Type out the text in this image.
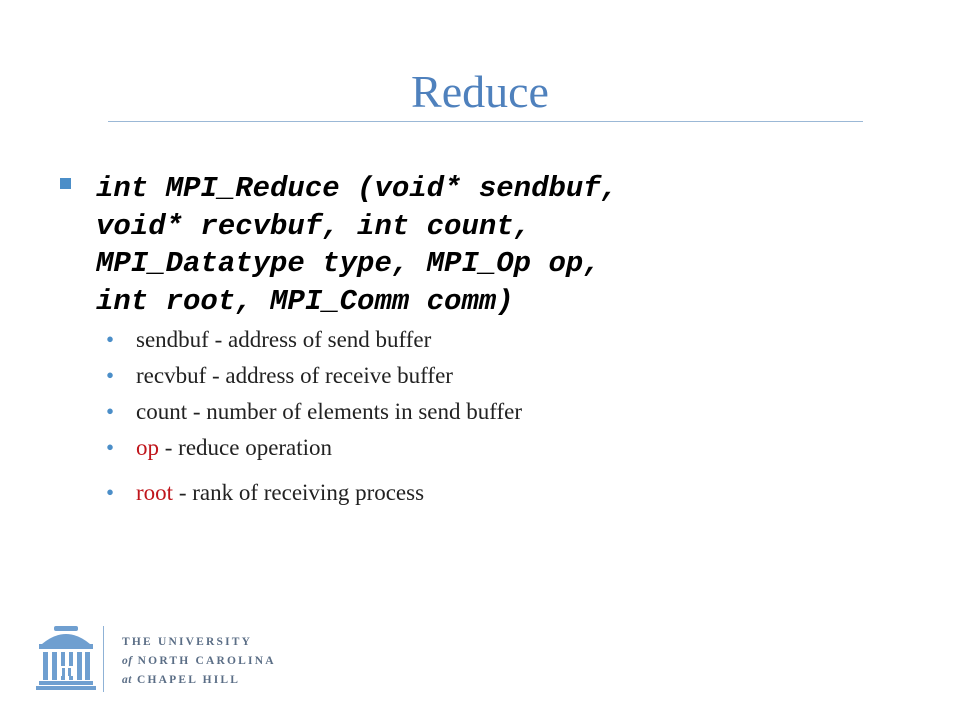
Reduce
int MPI_Reduce (void* sendbuf,
void* recvbuf, int count,
MPI_Datatype type, MPI_Op op,
int root, MPI_Comm comm)
• sendbuf - address of send buffer
• recvbuf - address of receive buffer
• count - number of elements in send buffer
• op - reduce operation
• root - rank of receiving process
THE UNIVERSITY
of NORTH CAROLINA
at CHAPEL HILL
